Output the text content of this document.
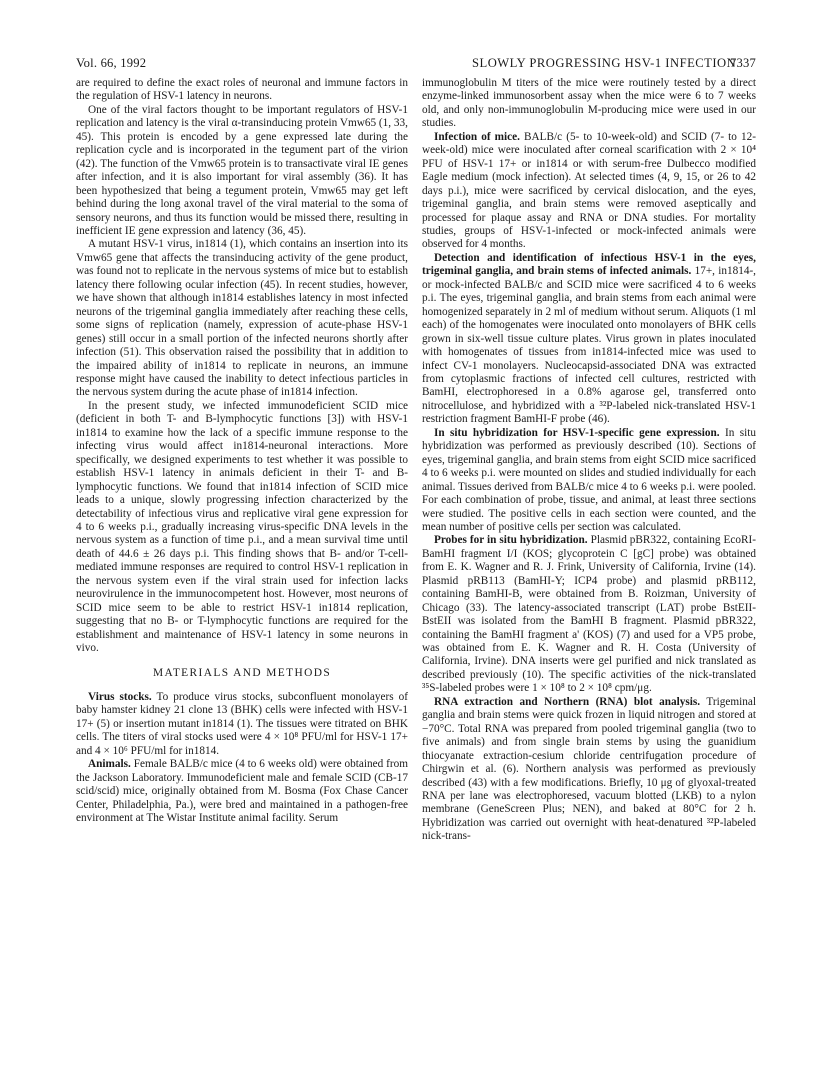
Vol. 66, 1992	SLOWLY PROGRESSING HSV-1 INFECTION
7337

are required to define the exact roles of neuronal and immune factors in the regulation of HSV-1 latency in neurons.

One of the viral factors thought to be important regulators of HSV-1 replication and latency is the viral α-transinducing protein Vmw65 (1, 33, 45). This protein is encoded by a gene expressed late during the replication cycle and is incorporated in the tegument part of the virion (42). The function of the Vmw65 protein is to transactivate viral IE genes after infection, and it is also important for viral assembly (36). It has been hypothesized that being a tegument protein, Vmw65 may get left behind during the long axonal travel of the viral material to the soma of sensory neurons, and thus its function would be missed there, resulting in inefficient IE gene expression and latency (36, 45).

A mutant HSV-1 virus, in1814 (1), which contains an insertion into its Vmw65 gene that affects the transinducing activity of the gene product, was found not to replicate in the nervous systems of mice but to establish latency there following ocular infection (45). In recent studies, however, we have shown that although in1814 establishes latency in most infected neurons of the trigeminal ganglia immediately after reaching these cells, some signs of replication (namely, expression of acute-phase HSV-1 genes) still occur in a small portion of the infected neurons shortly after infection (51). This observation raised the possibility that in addition to the impaired ability of in1814 to replicate in neurons, an immune response might have caused the inability to detect infectious particles in the nervous system during the acute phase of in1814 infection.

In the present study, we infected immunodeficient SCID mice (deficient in both T- and B-lymphocytic functions [3]) with HSV-1 in1814 to examine how the lack of a specific immune response to the infecting virus would affect in1814-neuronal interactions. More specifically, we designed experiments to test whether it was possible to establish HSV-1 latency in animals deficient in their T- and B-lymphocytic functions. We found that in1814 infection of SCID mice leads to a unique, slowly progressing infection characterized by the detectability of infectious virus and replicative viral gene expression for 4 to 6 weeks p.i., gradually increasing virus-specific DNA levels in the nervous system as a function of time p.i., and a mean survival time until death of 44.6 ± 26 days p.i. This finding shows that B- and/or T-cell-mediated immune responses are required to control HSV-1 replication in the nervous system even if the viral strain used for infection lacks neurovirulence in the immunocompetent host. However, most neurons of SCID mice seem to be able to restrict HSV-1 in1814 replication, suggesting that no B- or T-lymphocytic functions are required for the establishment and maintenance of HSV-1 latency in some neurons in vivo.

MATERIALS AND METHODS

Virus stocks. To produce virus stocks, subconfluent monolayers of baby hamster kidney 21 clone 13 (BHK) cells were infected with HSV-1 17+ (5) or insertion mutant in1814 (1). The tissues were titrated on BHK cells. The titers of viral stocks used were 4 × 10⁸ PFU/ml for HSV-1 17+ and 4 × 10⁶ PFU/ml for in1814.

Animals. Female BALB/c mice (4 to 6 weeks old) were obtained from the Jackson Laboratory. Immunodeficient male and female SCID (CB-17 scid/scid) mice, originally obtained from M. Bosma (Fox Chase Cancer Center, Philadelphia, Pa.), were bred and maintained in a pathogen-free environment at The Wistar Institute animal facility. Serum

immunoglobulin M titers of the mice were routinely tested by a direct enzyme-linked immunosorbent assay when the mice were 6 to 7 weeks old, and only non-immunoglobulin M-producing mice were used in our studies.

Infection of mice. BALB/c (5- to 10-week-old) and SCID (7- to 12-week-old) mice were inoculated after corneal scarification with 2 × 10⁴ PFU of HSV-1 17+ or in1814 or with serum-free Dulbecco modified Eagle medium (mock infection). At selected times (4, 9, 15, or 26 to 42 days p.i.), mice were sacrificed by cervical dislocation, and the eyes, trigeminal ganglia, and brain stems were removed aseptically and processed for plaque assay and RNA or DNA studies. For mortality studies, groups of HSV-1-infected or mock-infected animals were observed for 4 months.

Detection and identification of infectious HSV-1 in the eyes, trigeminal ganglia, and brain stems of infected animals. 17+, in1814-, or mock-infected BALB/c and SCID mice were sacrificed 4 to 6 weeks p.i. The eyes, trigeminal ganglia, and brain stems from each animal were homogenized separately in 2 ml of medium without serum. Aliquots (1 ml each) of the homogenates were inoculated onto monolayers of BHK cells grown in six-well tissue culture plates. Virus grown in plates inoculated with homogenates of tissues from in1814-infected mice was used to infect CV-1 monolayers. Nucleocapsid-associated DNA was extracted from cytoplasmic fractions of infected cell cultures, restricted with BamHI, electrophoresed in a 0.8% agarose gel, transferred onto nitrocellulose, and hybridized with a ³²P-labeled nick-translated HSV-1 restriction fragment BamHI-F probe (46).

In situ hybridization for HSV-1-specific gene expression. In situ hybridization was performed as previously described (10). Sections of eyes, trigeminal ganglia, and brain stems from eight SCID mice sacrificed 4 to 6 weeks p.i. were mounted on slides and studied individually for each animal. Tissues derived from BALB/c mice 4 to 6 weeks p.i. were pooled. For each combination of probe, tissue, and animal, at least three sections were studied. The positive cells in each section were counted, and the mean number of positive cells per section was calculated.

Probes for in situ hybridization. Plasmid pBR322, containing EcoRI-BamHI fragment I/I (KOS; glycoprotein C [gC] probe) was obtained from E. K. Wagner and R. J. Frink, University of California, Irvine (14). Plasmid pRB113 (BamHI-Y; ICP4 probe) and plasmid pRB112, containing BamHI-B, were obtained from B. Roizman, University of Chicago (33). The latency-associated transcript (LAT) probe BstEII-BstEII was isolated from the BamHI B fragment. Plasmid pBR322, containing the BamHI fragment a' (KOS) (7) and used for a VP5 probe, was obtained from E. K. Wagner and R. H. Costa (University of California, Irvine). DNA inserts were gel purified and nick translated as described previously (10). The specific activities of the nick-translated ³⁵S-labeled probes were 1 × 10⁸ to 2 × 10⁸ cpm/μg.

RNA extraction and Northern (RNA) blot analysis. Trigeminal ganglia and brain stems were quick frozen in liquid nitrogen and stored at −70°C. Total RNA was prepared from pooled trigeminal ganglia (two to five animals) and from single brain stems by using the guanidium thiocyanate extraction-cesium chloride centrifugation procedure of Chirgwin et al. (6). Northern analysis was performed as previously described (43) with a few modifications. Briefly, 10 μg of glyoxal-treated RNA per lane was electrophoresed, vacuum blotted (LKB) to a nylon membrane (GeneScreen Plus; NEN), and baked at 80°C for 2 h. Hybridization was carried out overnight with heat-denatured ³²P-labeled nick-trans-
